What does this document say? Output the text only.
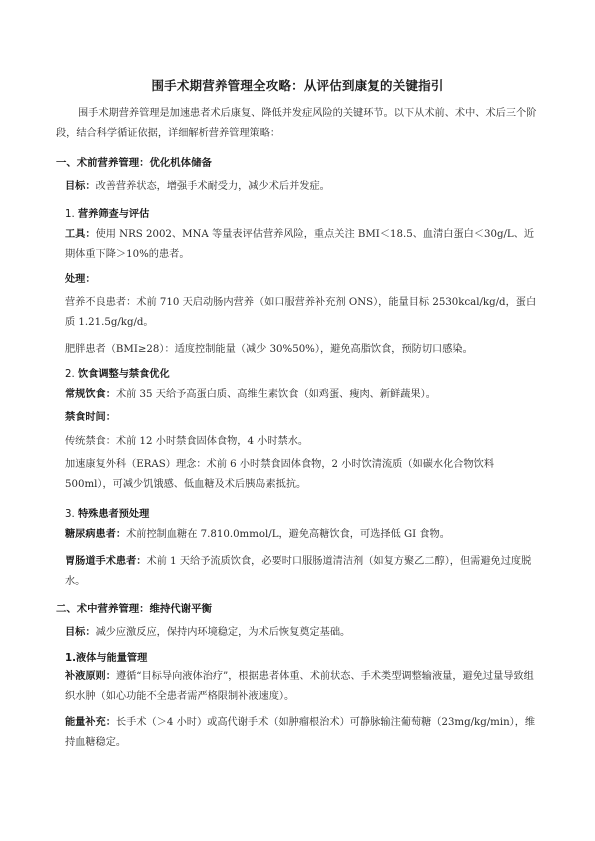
围手术期营养管理全攻略：从评估到康复的关键指引
围手术期营养管理是加速患者术后康复、降低并发症风险的关键环节。以下从术前、术中、术后三个阶段，结合科学循证依据，详细解析营养管理策略：
一、术前营养管理：优化机体储备
目标：改善营养状态，增强手术耐受力，减少术后并发症。
1. 营养筛查与评估
工具：使用 NRS 2002、MNA 等量表评估营养风险，重点关注 BMI＜18.5、血清白蛋白＜30g/L、近期体重下降＞10%的患者。
处理：
营养不良患者：术前 710 天启动肠内营养（如口服营养补充剂 ONS），能量目标 2530kcal/kg/d，蛋白质 1.21.5g/kg/d。
肥胖患者（BMI≥28）：适度控制能量（减少 30%50%），避免高脂饮食，预防切口感染。
2. 饮食调整与禁食优化
常规饮食：术前 35 天给予高蛋白质、高维生素饮食（如鸡蛋、瘦肉、新鲜蔬果）。
禁食时间：
传统禁食：术前 12 小时禁食固体食物，4 小时禁水。
加速康复外科（ERAS）理念：术前 6 小时禁食固体食物，2 小时饮清流质（如碳水化合物饮料 500ml），可减少饥饿感、低血糖及术后胰岛素抵抗。
3. 特殊患者预处理
糖尿病患者：术前控制血糖在 7.810.0mmol/L，避免高糖饮食，可选择低 GI 食物。
胃肠道手术患者：术前 1 天给予流质饮食，必要时口服肠道清洁剂（如复方聚乙二醇），但需避免过度脱水。
二、术中营养管理：维持代谢平衡
目标：减少应激反应，保持内环境稳定，为术后恢复奠定基础。
1.液体与能量管理
补液原则：遵循“目标导向液体治疗”，根据患者体重、术前状态、手术类型调整输液量，避免过量导致组织水肿（如心功能不全患者需严格限制补液速度）。
能量补充：长手术（＞4 小时）或高代谢手术（如肿瘤根治术）可静脉输注葡萄糖（23mg/kg/min），维持血糖稳定。
